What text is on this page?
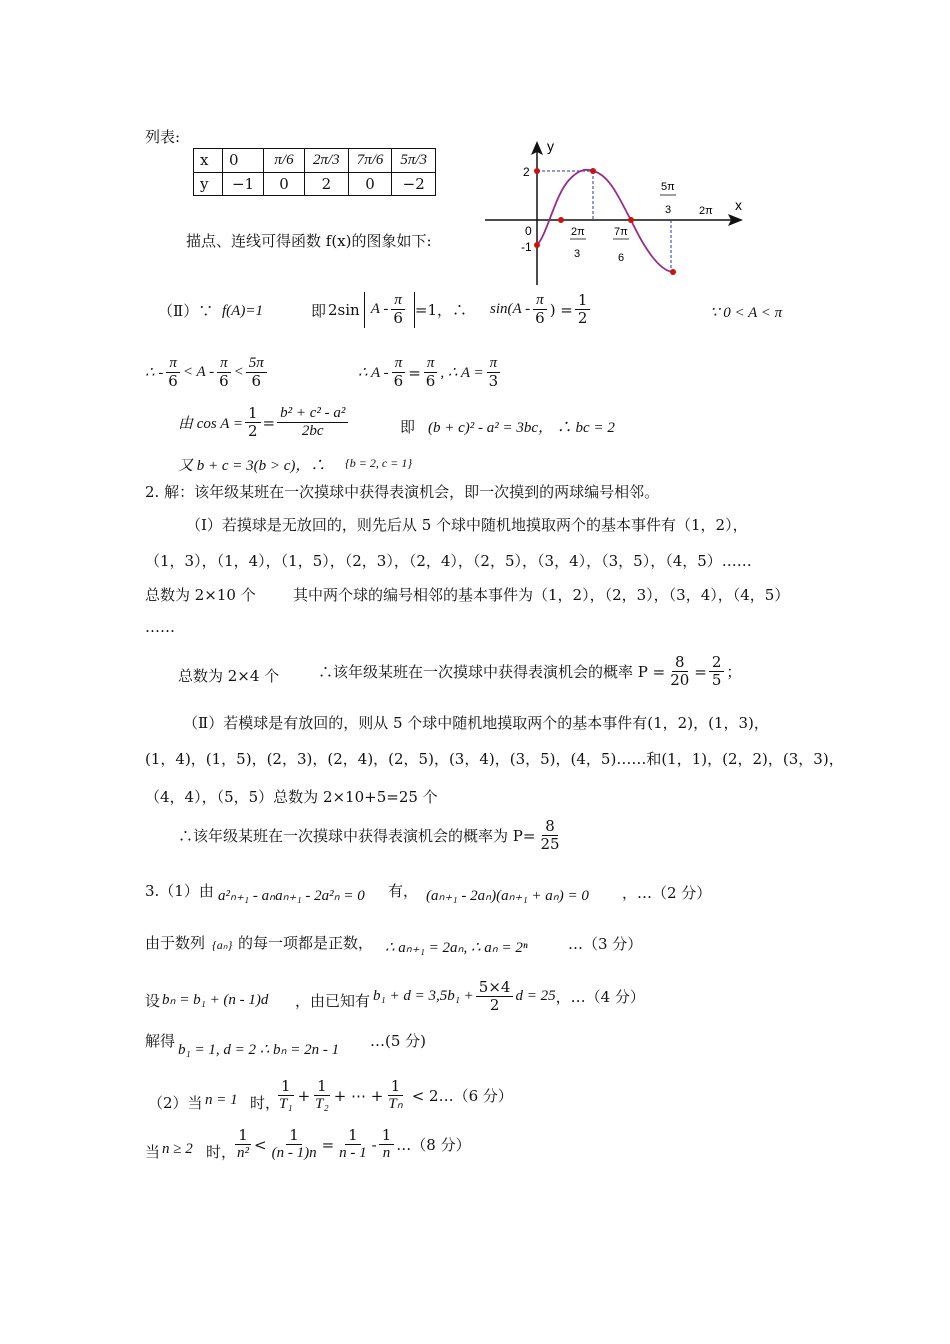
列表:
x	0	π/6	2π/3	7π/6	5π/3
y	−1	0	2	0	−2
描点、连线可得函数 f(x)的图象如下:
y
x
0
2
-1
2π
3
7π
6
5π
3	2π
（Ⅱ）∵ f(A)=1	即 2sin $A - \frac{\pi}{6} =1$，∴ $\sin(A - \frac{\pi}{6}$ ) = $\frac{1}{2}$	∵ 0 < A < π
∴ - $\frac{\pi}{6} < A - \frac{\pi}{6} < \frac{5\pi}{6}$	∴ $A - \frac{\pi}{6} = \frac{\pi}{6}$ , ∴ $A = \frac{\pi}{3}$
由 $\cos A = \frac{1}{2} = \frac{\text{b² + c² - a²}}{2bc}$	即 (b + c)² - a² = 3bc， ∴ bc = 2
又 b + c = 3(b > c)，∴ {b = 2, c = 1}
2. 解：该年级某班在一次摸球中获得表演机会，即一次摸到的两球编号相邻。
（Ⅰ）若摸球是无放回的，则先后从 5 个球中随机地摸取两个的基本事件有（1，2），
（1，3），（1，4），（1，5），（2，3），（2，4），（2，5），（3，4），（3，5），（4，5）……
总数为 2×10 个 其中两个球的编号相邻的基本事件为（1，2），（2，3），（3，4），（4，5）
……
总数为 2×4 个	∴该年级某班在一次摸球中获得表演机会的概率 $P = \frac{8}{20} = \frac{2}{5}$ ；
（Ⅱ）若模球是有放回的，则从 5 个球中随机地摸取两个的基本事件有(1，2)，(1，3)，
(1，4)，(1，5)，(2，3)，(2，4)，(2，5)，(3，4)，(3，5)，(4，5)……和(1，1)，(2，2)，(3，3)，
（4，4），（5，5）总数为 2×10+5=25 个
∴该年级某班在一次摸球中获得表演机会的概率为 $P= \frac{8}{25}$
3.（1）由 a²ₙ₊₁ - aₙaₙ₊₁ - 2a²ₙ = 0 有， (aₙ₊₁ - 2aₙ)(aₙ₊₁ + aₙ) = 0 ，…（2 分）
由于数列 {aₙ} 的每一项都是正数， ∴ aₙ₊₁ = 2aₙ, ∴ aₙ = 2ⁿ	…（3 分）
设 bₙ = b₁ + (n - 1)d ，由已知有 $b_1 + d = 3,5b_1 + \frac{5\times 4}{2}$ d = 25 ，…（4 分）
解得 b₁ = 1, d = 2 ∴ bₙ = 2n - 1 …(5 分)
（2）当 n = 1 时，
$\frac{1}{\text{T₁}} + \frac{1}{\text{T₂}}$ + ⋯ + $\frac{1}{\text{Tₙ}} < 2$ …（6 分）
当 n ≥ 2 时，
$\frac{1}{\text{n²}} < \frac{1}{(n - 1)n} = \frac{1}{n - 1} - \frac{1}{n}$ …（8 分）
